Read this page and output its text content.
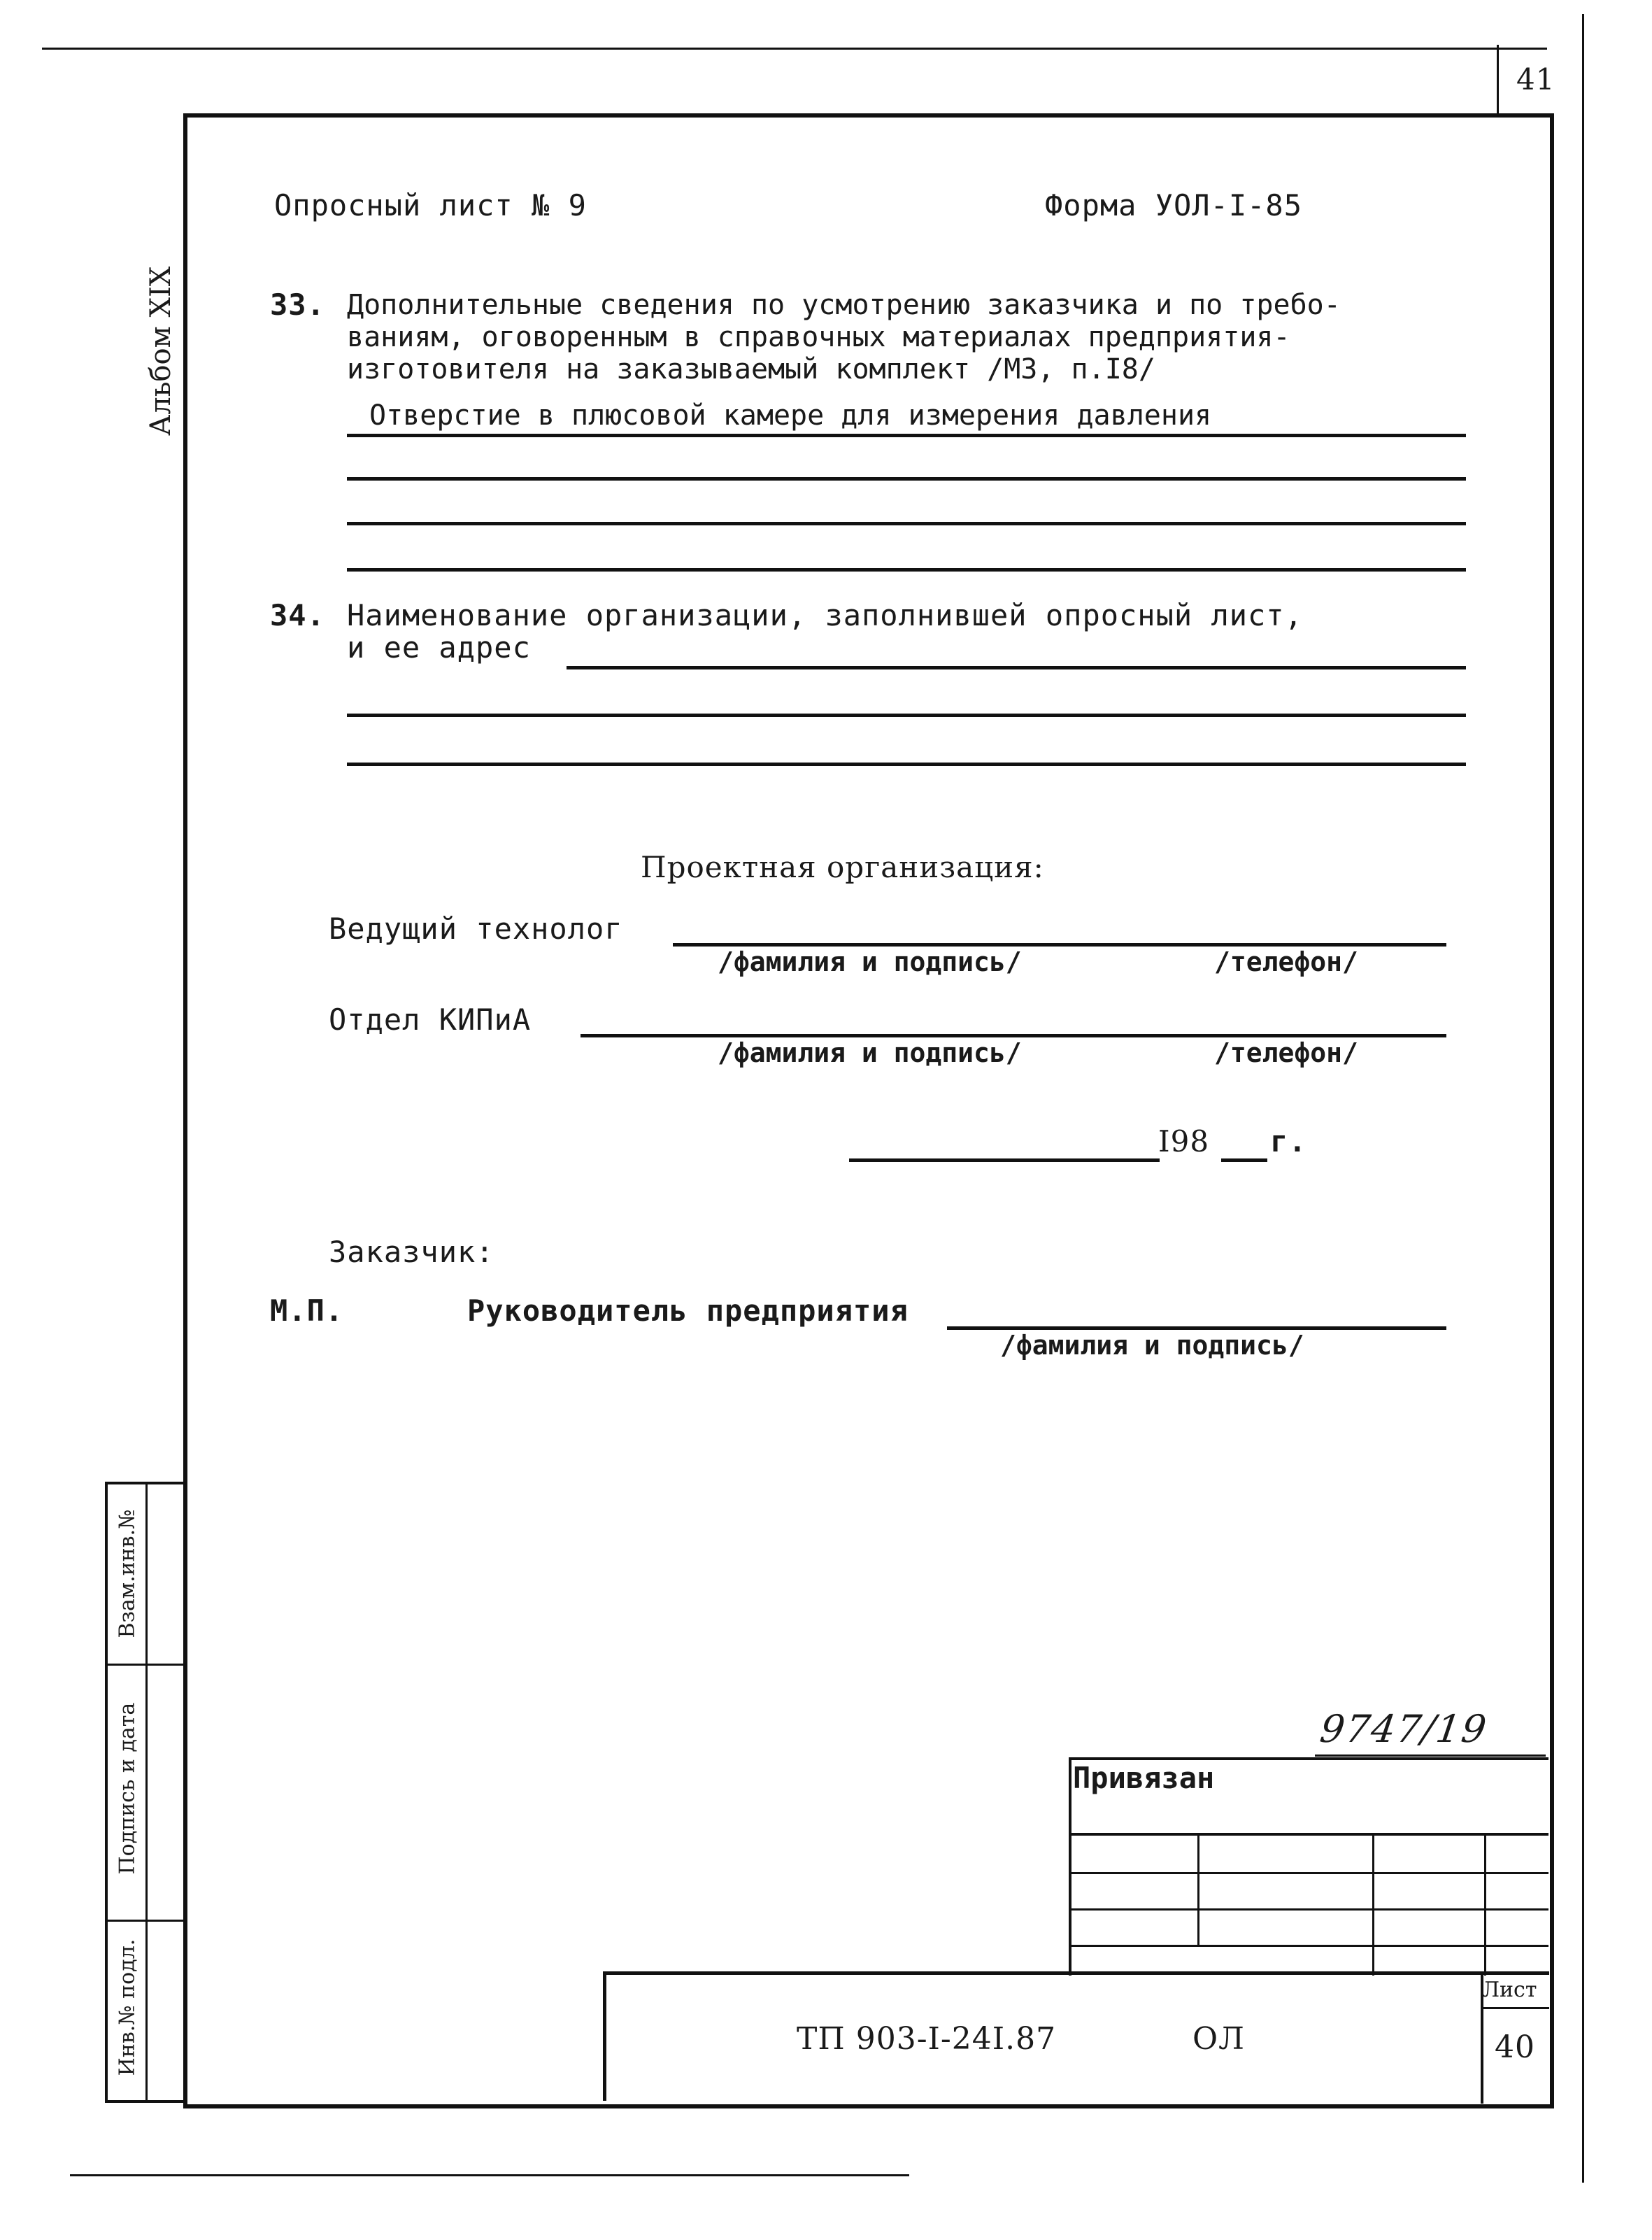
41
Альбом XIX
Взам.инв.№
Подпись и дата
Инв.№ подл.
Опросный лист № 9	Форма УОЛ-I-85
33. Дополнительные сведения по усмотрению заказчика и по требо-
ваниям, оговоренным в справочных материалах предприятия-
изготовителя на заказываемый комплект /М3, п.I8/
Отверстие в плюсовой камере для измерения давления
34. Наименование организации, заполнившей опросный лист,
и ее адрес
Проектная организация:
Ведущий технолог
/фамилия и подпись/	/телефон/
Отдел КИПиА
/фамилия и подпись/	/телефон/
I98 г.
Заказчик:
М.П.	Руководитель предприятия
/фамилия и подпись/
9747/19
Привязан
Лист
40
ТП 903-I-24I.87	ОЛ
